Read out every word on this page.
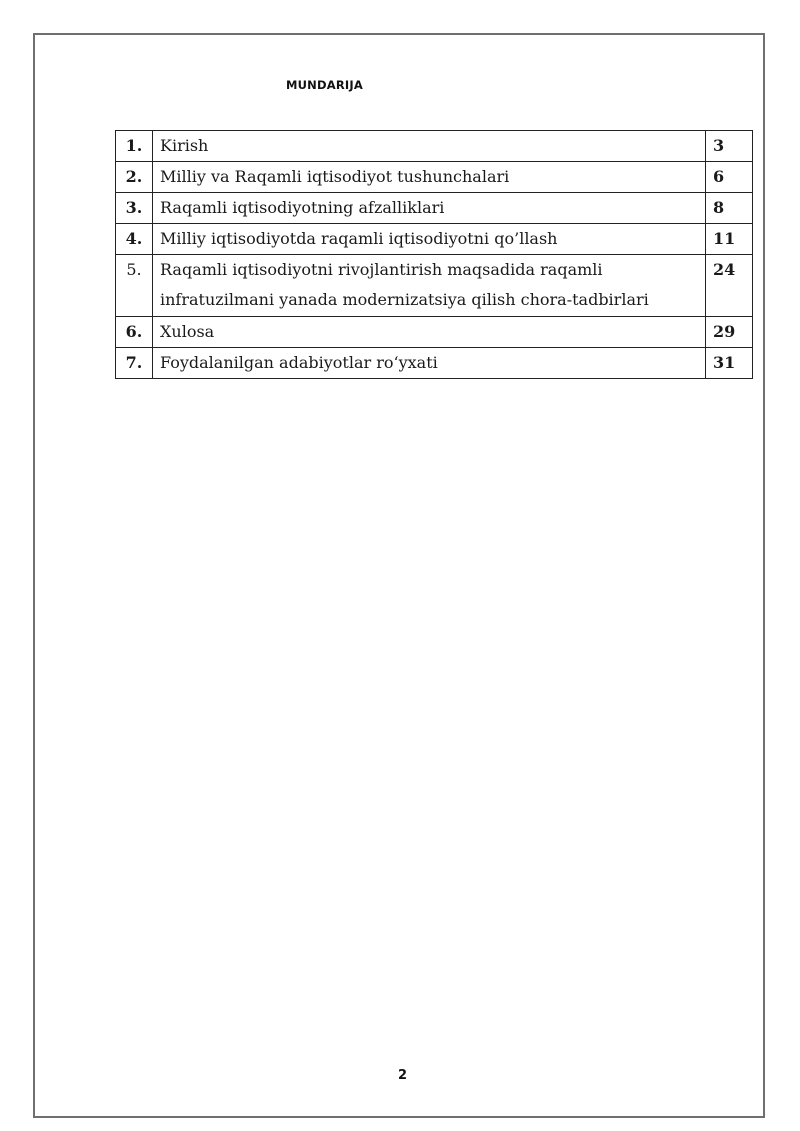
MUNDARIJA
1.	Kirish	3
2.	Milliy va Raqamli iqtisodiyot tushunchalari	6
3.	Raqamli iqtisodiyotning afzalliklari	8
4.	Milliy iqtisodiyotda raqamli iqtisodiyotni qo’llash	11
5.	Raqamli iqtisodiyotni rivojlantirish maqsadida raqamli infratuzilmani yanada modernizatsiya qilish chora-tadbirlari	24
6.	Xulosa	29
7.	Foydalanilgan adabiyotlar ro‘yxati	31
2
